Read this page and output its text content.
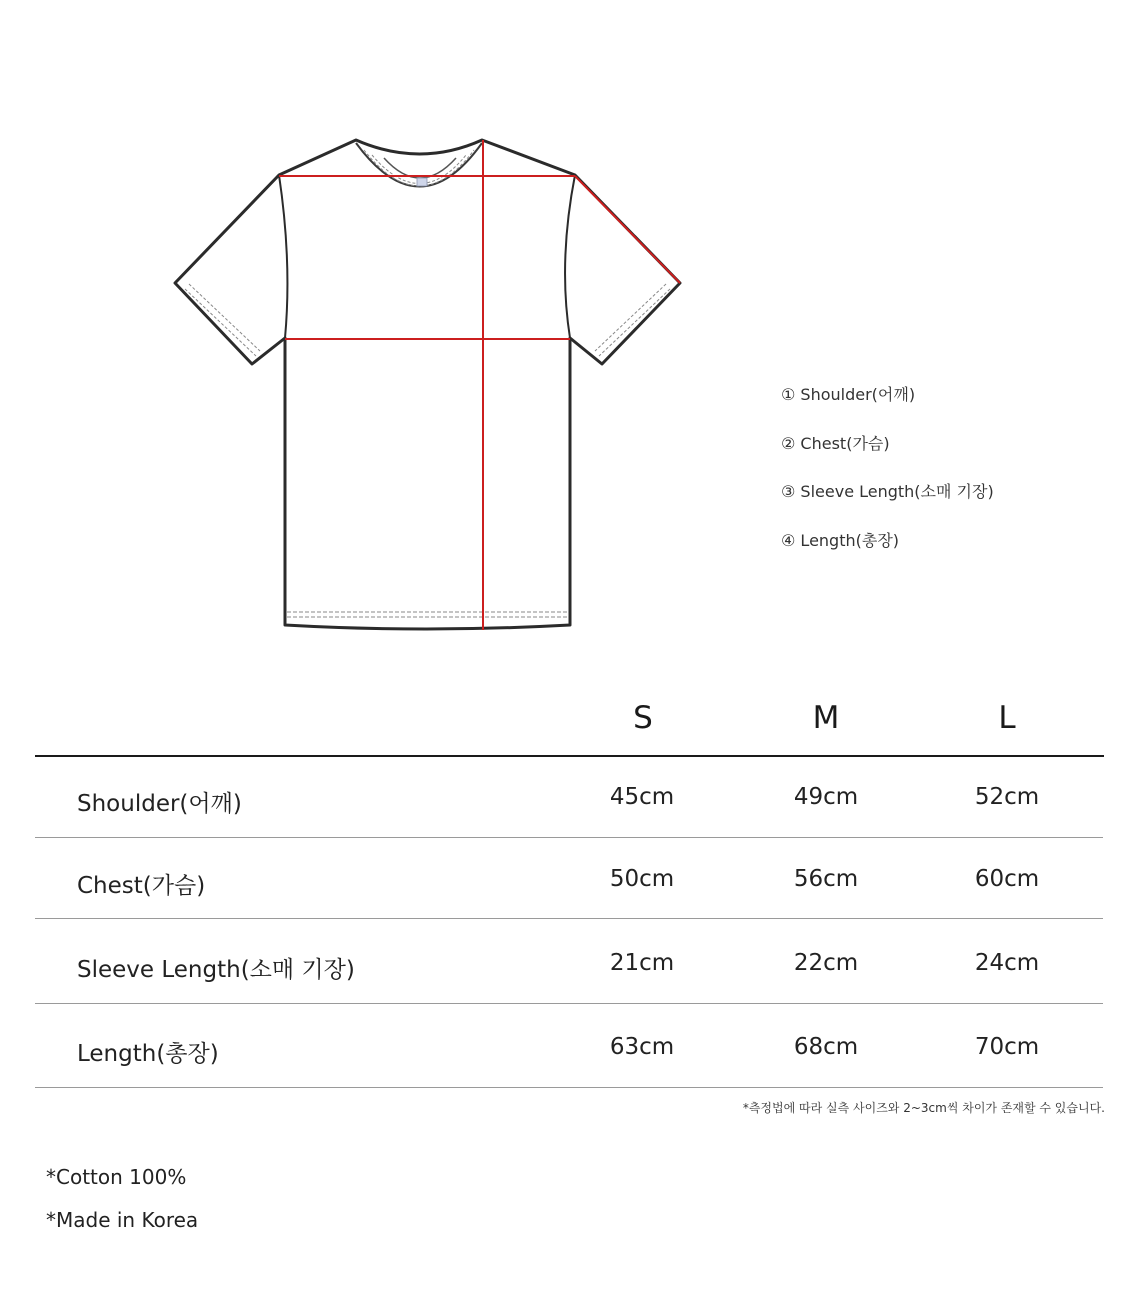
① Shoulder(어깨)
② Chest(가슴)
③ Sleeve Length(소매 기장)
④ Length(총장)
S	M	L
Shoulder(어깨)	45cm	49cm	52cm
Chest(가슴)	50cm	56cm	60cm
Sleeve Length(소매 기장)	21cm	22cm	24cm
Length(총장)	63cm	68cm	70cm
*측정법에 따라 실측 사이즈와 2~3cm씩 차이가 존재할 수 있습니다.
*Cotton 100%
*Made in Korea
